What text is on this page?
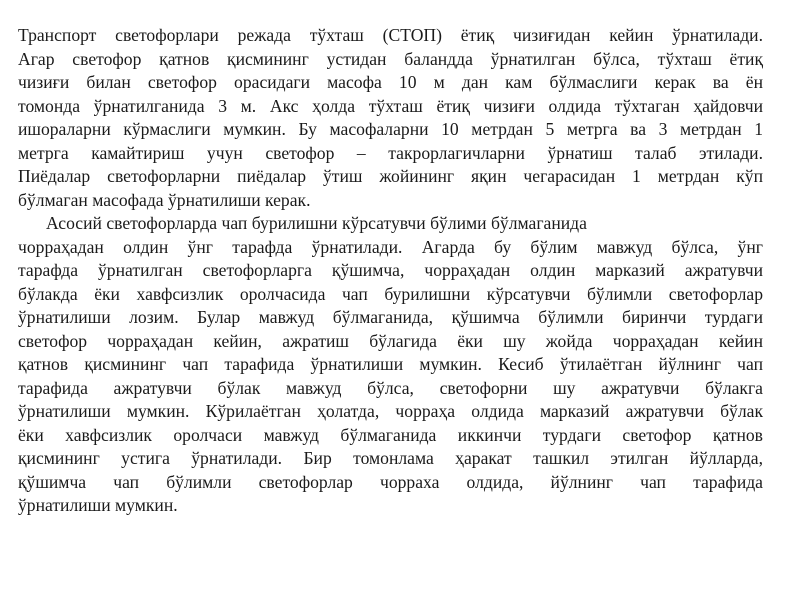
Транспорт светофорлари режада тўхташ (СТОП) ётиқ чизиғидан кейин ўрнатилади.
Агар светофор қатнов қисмининг устидан баландда ўрнатилган бўлса, тўхташ ётиқ
чизиғи билан светофор орасидаги масофа 10 м дан кам бўлмаслиги керак ва ён
томонда ўрнатилганида 3 м. Акс ҳолда тўхташ ётиқ чизиғи олдида тўхтаган ҳайдовчи
ишораларни кўрмаслиги мумкин. Бу масофаларни 10 метрдан 5 метрга ва 3 метрдан 1
метрга камайтириш учун светофор – такрорлагичларни ўрнатиш талаб этилади.
Пиёдалар светофорларни пиёдалар ўтиш жойининг яқин чегарасидан 1 метрдан кўп
бўлмаган масофада ўрнатилиши керак.
Асосий светофорларда чап бурилишни кўрсатувчи бўлими бўлмаганида
чорраҳадан олдин ўнг тарафда ўрнатилади. Агарда бу бўлим мавжуд бўлса, ўнг
тарафда ўрнатилган светофорларга қўшимча, чорраҳадан олдин марказий ажратувчи
бўлакда ёки хавфсизлик оролчасида чап бурилишни кўрсатувчи бўлимли светофорлар
ўрнатилиши лозим. Булар мавжуд бўлмаганида, қўшимча бўлимли биринчи турдаги
светофор чорраҳадан кейин, ажратиш бўлагида ёки шу жойда чорраҳадан кейин
қатнов қисмининг чап тарафида ўрнатилиши мумкин. Кесиб ўтилаётган йўлнинг чап
тарафида ажратувчи бўлак мавжуд бўлса, светофорни шу ажратувчи бўлакга
ўрнатилиши мумкин. Кўрилаётган ҳолатда, чорраҳа олдида марказий ажратувчи бўлак
ёки хавфсизлик оролчаси мавжуд бўлмаганида иккинчи турдаги светофор қатнов
қисмининг устига ўрнатилади. Бир томонлама ҳаракат ташкил этилган йўлларда,
қўшимча чап бўлимли светофорлар чорраха олдида, йўлнинг чап тарафида
ўрнатилиши мумкин.
